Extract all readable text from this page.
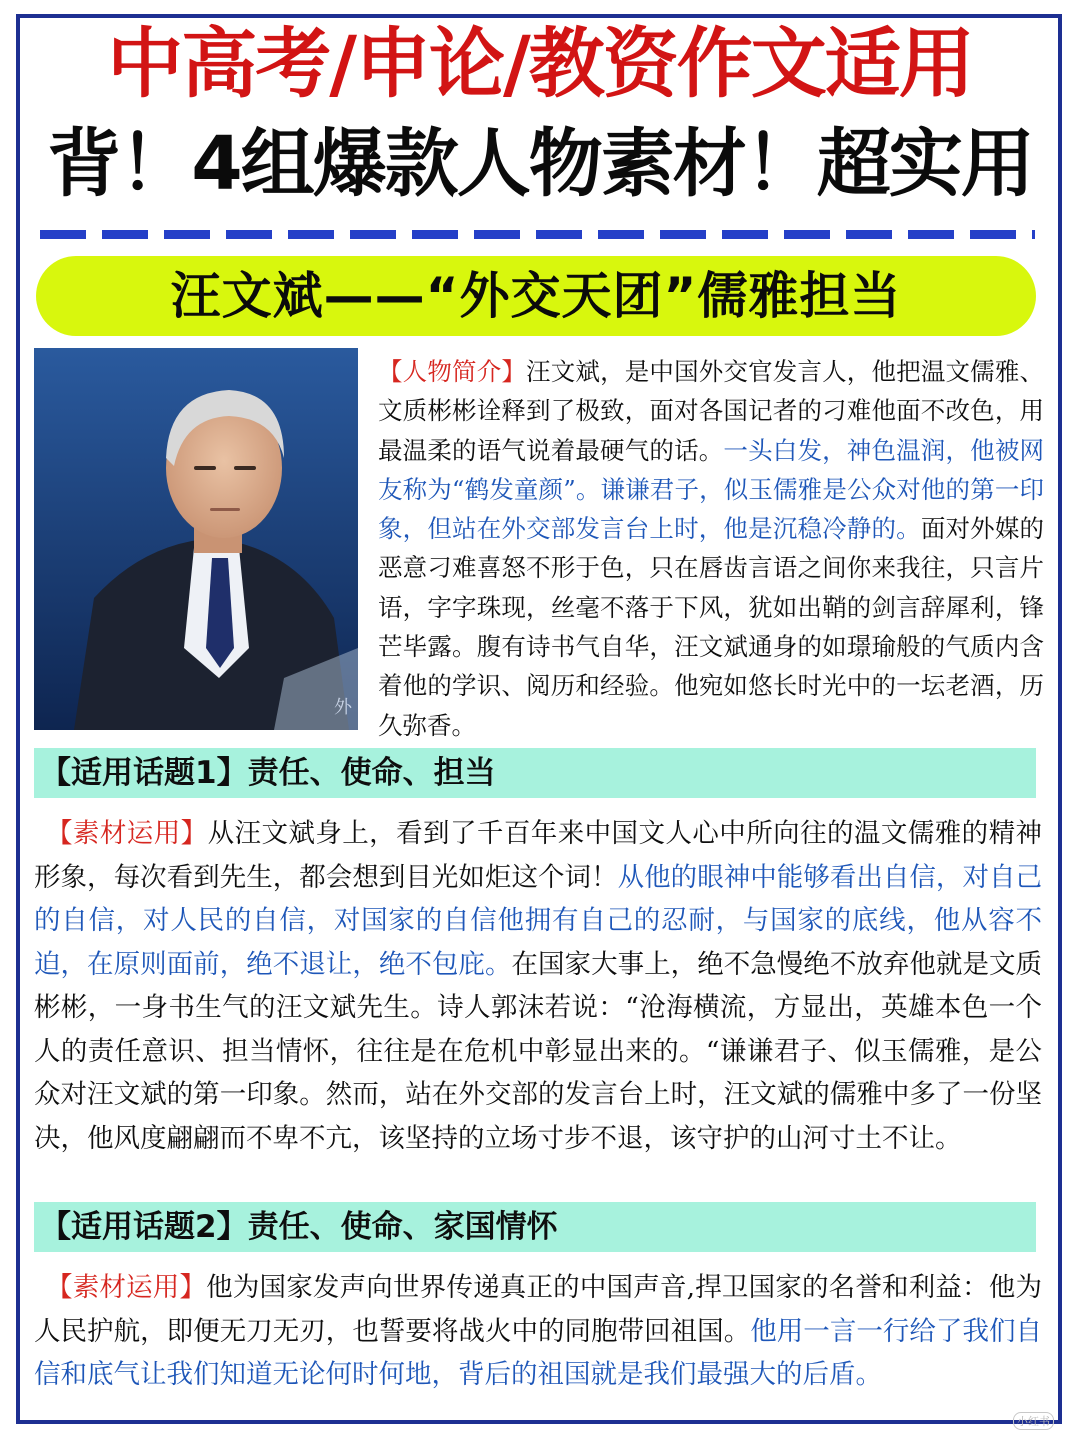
中高考/申论/教资作文适用
背！4组爆款人物素材！超实用
汪文斌——“外交天团”儒雅担当
外

【人物简介】汪文斌，是中国外交官发言人，他把温文儒雅、文质彬彬诠释到了极致，面对各国记者的刁难他面不改色，用最温柔的语气说着最硬气的话。一头白发，神色温润，他被网友称为“鹤发童颜”。谦谦君子，似玉儒雅是公众对他的第一印象，但站在外交部发言台上时，他是沉稳冷静的。面对外媒的恶意刁难喜怒不形于色，只在唇齿言语之间你来我往，只言片语，字字珠现，丝毫不落于下风，犹如出鞘的剑言辞犀利，锋芒毕露。腹有诗书气自华，汪文斌通身的如璟瑜般的气质内含着他的学识、阅历和经验。他宛如悠长时光中的一坛老酒，历久弥香。

【适用话题1】责任、使命、担当

【素材运用】从汪文斌身上，看到了千百年来中国文人心中所向往的温文儒雅的精神形象，每次看到先生，都会想到目光如炬这个词！从他的眼神中能够看出自信，对自己的自信，对人民的自信，对国家的自信他拥有自己的忍耐，与国家的底线，他从容不迫，在原则面前，绝不退让，绝不包庇。在国家大事上，绝不急慢绝不放弃他就是文质彬彬，一身书生气的汪文斌先生。诗人郭沫若说：“沧海横流，方显出，英雄本色一个人的责任意识、担当情怀，往往是在危机中彰显出来的。“谦谦君子、似玉儒雅，是公众对汪文斌的第一印象。然而，站在外交部的发言台上时，汪文斌的儒雅中多了一份坚决，他风度翩翩而不卑不亢，该坚持的立场寸步不退，该守护的山河寸土不让。

【适用话题2】责任、使命、家国情怀

【素材运用】他为国家发声向世界传递真正的中国声音,捍卫国家的名誉和利益：他为人民护航，即便无刀无刃，也誓要将战火中的同胞带回祖国。他用一言一行给了我们自信和底气让我们知道无论何时何地，背后的祖国就是我们最强大的后盾。

小红书
